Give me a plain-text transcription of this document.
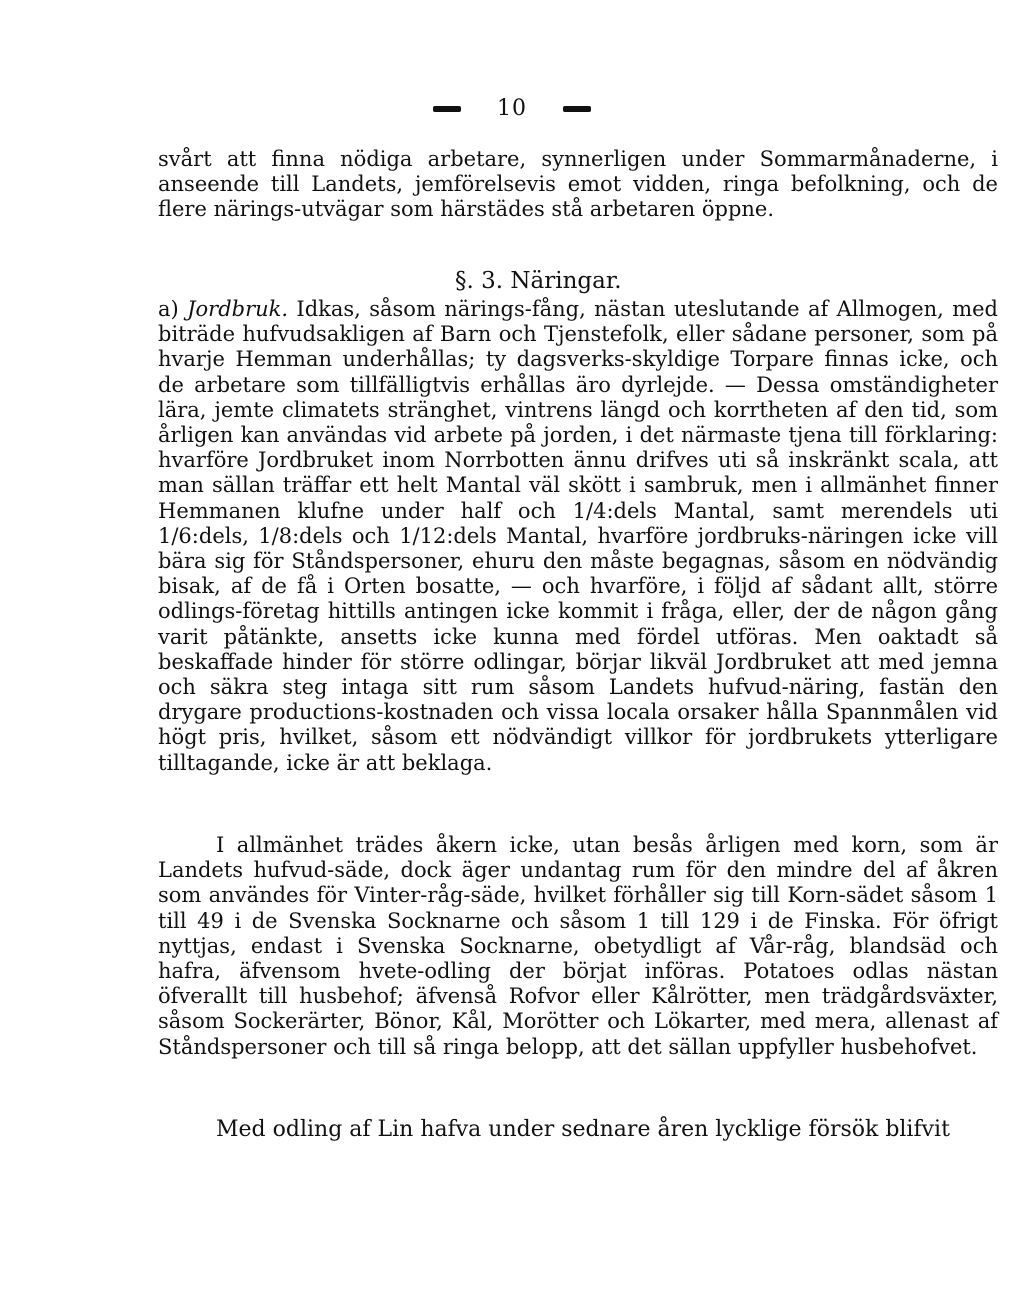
10

svårt att finna nödiga arbetare, synnerligen under Sommarmånaderne, i anseende till Landets, jemförelsevis emot vidden, ringa befolkning, och de flere närings-utvägar som härstädes stå arbetaren öppne.

§. 3. Näringar.

a) Jordbruk. Idkas, såsom närings-fång, nästan uteslutande af Allmogen, med biträde hufvudsakligen af Barn och Tjenstefolk, eller sådane personer, som på hvarje Hemman underhållas; ty dagsverks-skyldige Torpare finnas icke, och de arbetare som tillfälligtvis erhållas äro dyrlejde. — Dessa omständigheter lära, jemte climatets stränghet, vintrens längd och korrtheten af den tid, som årligen kan användas vid arbete på jorden, i det närmaste tjena till förklaring: hvarföre Jordbruket inom Norrbotten ännu drifves uti så inskränkt scala, att man sällan träffar ett helt Mantal väl skött i sambruk, men i allmänhet finner Hemmanen klufne under half och 1/4:dels Mantal, samt merendels uti 1/6:dels, 1/8:dels och 1/12:dels Mantal, hvarföre jordbruks-näringen icke vill bära sig för Ståndspersoner, ehuru den måste begagnas, såsom en nödvändig bisak, af de få i Orten bosatte, — och hvarföre, i följd af sådant allt, större odlings-företag hittills antingen icke kommit i fråga, eller, der de någon gång varit påtänkte, ansetts icke kunna med fördel utföras. Men oaktadt så beskaffade hinder för större odlingar, börjar likväl Jordbruket att med jemna och säkra steg intaga sitt rum såsom Landets hufvud-näring, fastän den drygare productions-kostnaden och vissa locala orsaker hålla Spannmålen vid högt pris, hvilket, såsom ett nödvändigt villkor för jordbrukets ytterligare tilltagande, icke är att beklaga.

I allmänhet trädes åkern icke, utan besås årligen med korn, som är Landets hufvud-säde, dock äger undantag rum för den mindre del af åkren som användes för Vinter-råg-säde, hvilket förhåller sig till Korn-sädet såsom 1 till 49 i de Svenska Socknarne och såsom 1 till 129 i de Finska. För öfrigt nyttjas, endast i Svenska Socknarne, obetydligt af Vår-råg, blandsäd och hafra, äfvensom hvete-odling der börjat införas. Potatoes odlas nästan öfverallt till husbehof; äfvenså Rofvor eller Kålrötter, men trädgårdsväxter, såsom Sockerärter, Bönor, Kål, Morötter och Lökarter, med mera, allenast af Ståndspersoner och till så ringa belopp, att det sällan uppfyller husbehofvet.

Med odling af Lin hafva under sednare åren lycklige försök blifvit
